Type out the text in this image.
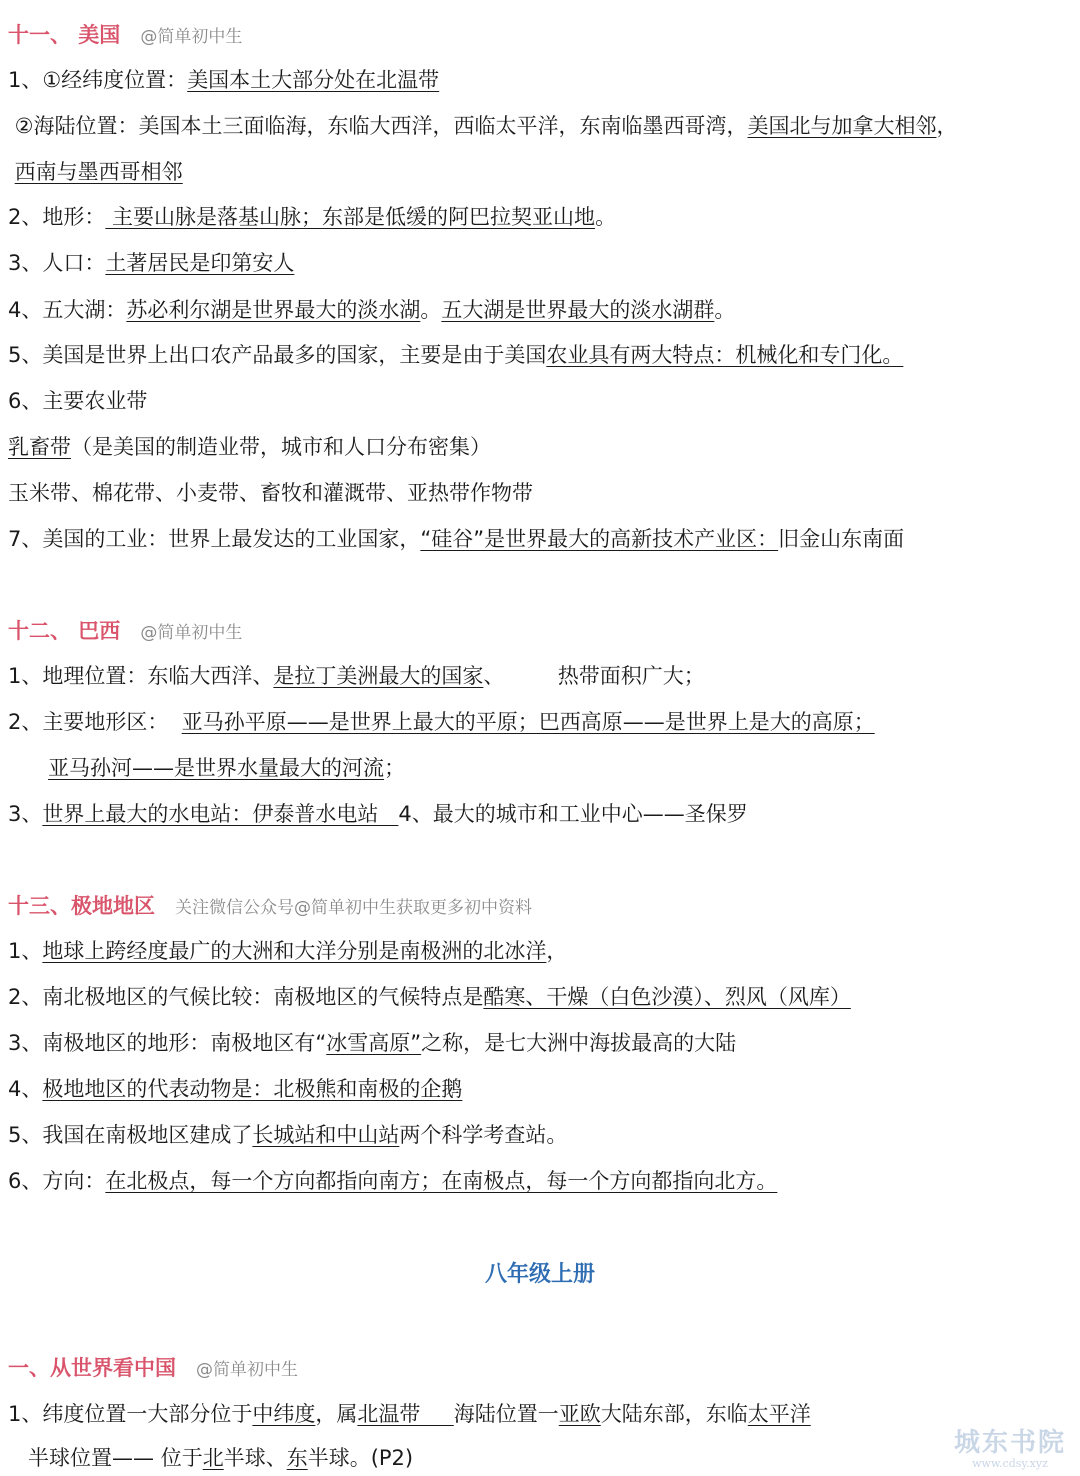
十一、 美国 @简单初中生
1、①经纬度位置：美国本土大部分处在北温带
②海陆位置：美国本土三面临海，东临大西洋，西临太平洋，东南临墨西哥湾，美国北与加拿大相邻，
西南与墨西哥相邻
2、地形： 主要山脉是落基山脉；东部是低缓的阿巴拉契亚山地。
3、人口：土著居民是印第安人
4、五大湖：苏必利尔湖是世界最大的淡水湖。五大湖是世界最大的淡水湖群。
5、美国是世界上出口农产品最多的国家，主要是由于美国农业具有两大特点：机械化和专门化。
6、主要农业带
乳畜带（是美国的制造业带，城市和人口分布密集）
玉米带、棉花带、小麦带、畜牧和灌溉带、亚热带作物带
7、美国的工业：世界上最发达的工业国家，“硅谷”是世界最大的高新技术产业区：旧金山东南面
十二、 巴西 @简单初中生
1、地理位置：东临大西洋、是拉丁美洲最大的国家、        热带面积广大；
2、主要地形区：  亚马孙平原——是世界上最大的平原；巴西高原——是世界上是大的高原；
亚马孙河——是世界水量最大的河流；
3、世界上最大的水电站：伊泰普水电站   4、最大的城市和工业中心——圣保罗
十三、极地地区 关注微信公众号@简单初中生获取更多初中资料
1、地球上跨经度最广的大洲和大洋分别是南极洲的北冰洋，
2、南北极地区的气候比较：南极地区的气候特点是酷寒、干燥（白色沙漠）、烈风（风库）
3、南极地区的地形：南极地区有“冰雪高原”之称，是七大洲中海拔最高的大陆
4、极地地区的代表动物是：北极熊和南极的企鹅
5、我国在南极地区建成了长城站和中山站两个科学考查站。
6、方向：在北极点，每一个方向都指向南方；在南极点，每一个方向都指向北方。
一、从世界看中国 @简单初中生
1、纬度位置一大部分位于中纬度，属北温带     海陆位置一亚欧大陆东部，东临太平洋
半球位置—— 位于北半球、东半球。(P2)
八年级上册
城东书院
www.cdsy.xyz
